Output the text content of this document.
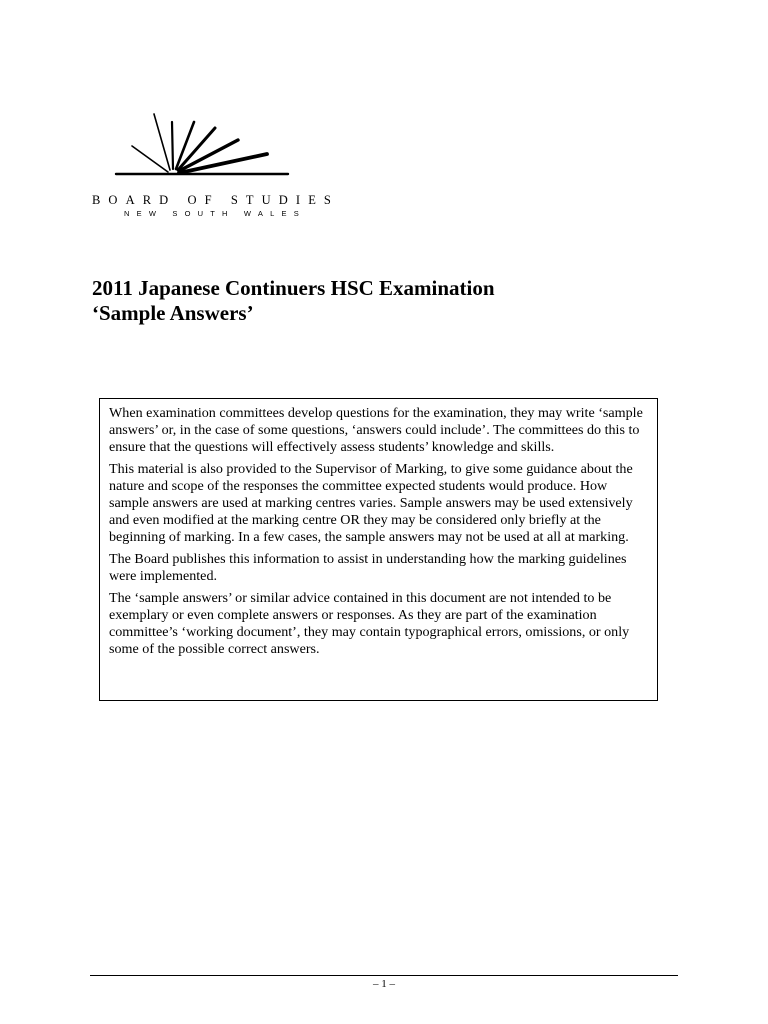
BOARD OF STUDIES
NEW SOUTH WALES
2011 Japanese Continuers HSC Examination
‘Sample Answers’

When examination committees develop questions for the examination, they may write ‘sample answers’ or, in the case of some questions, ‘answers could include’. The committees do this to ensure that the questions will effectively assess students’ knowledge and skills.

This material is also provided to the Supervisor of Marking, to give some guidance about the nature and scope of the responses the committee expected students would produce. How sample answers are used at marking centres varies. Sample answers may be used extensively and even modified at the marking centre OR they may be considered only briefly at the beginning of marking. In a few cases, the sample answers may not be used at all at marking.

The Board publishes this information to assist in understanding how the marking guidelines were implemented.

The ‘sample answers’ or similar advice contained in this document are not intended to be exemplary or even complete answers or responses. As they are part of the examination committee’s ‘working document’, they may contain typographical errors, omissions, or only some of the possible correct answers.

– 1 –
